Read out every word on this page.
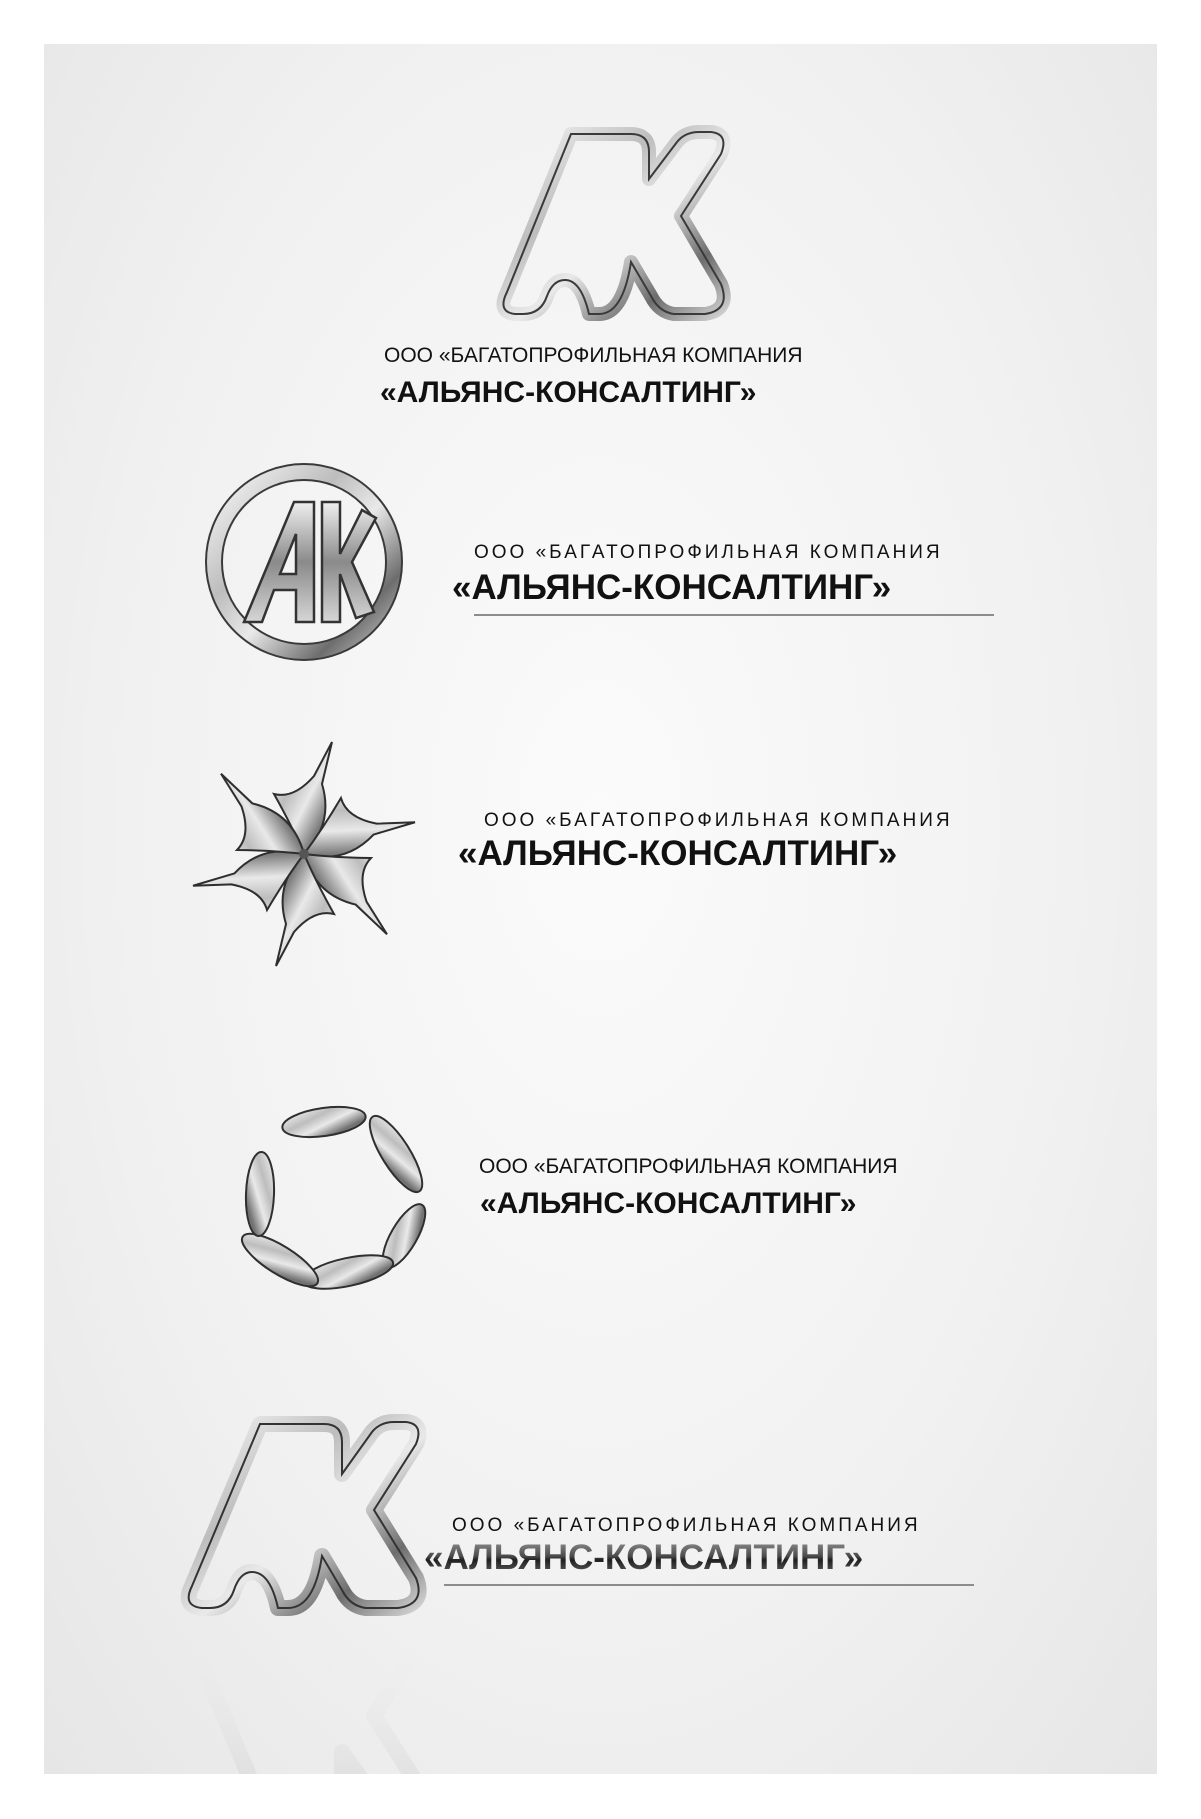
ООО «БАГАТОПРОФИЛЬНАЯ КОМПАНИЯ
«АЛЬЯНС-КОНСАЛТИНГ»
ООО «БАГАТОПРОФИЛЬНАЯ КОМПАНИЯ
«АЛЬЯНС-КОНСАЛТИНГ»
ООО «БАГАТОПРОФИЛЬНАЯ КОМПАНИЯ
«АЛЬЯНС-КОНСАЛТИНГ»
ООО «БАГАТОПРОФИЛЬНАЯ КОМПАНИЯ
«АЛЬЯНС-КОНСАЛТИНГ»
ООО «БАГАТОПРОФИЛЬНАЯ КОМПАНИЯ
«АЛЬЯНС-КОНСАЛТИНГ»
